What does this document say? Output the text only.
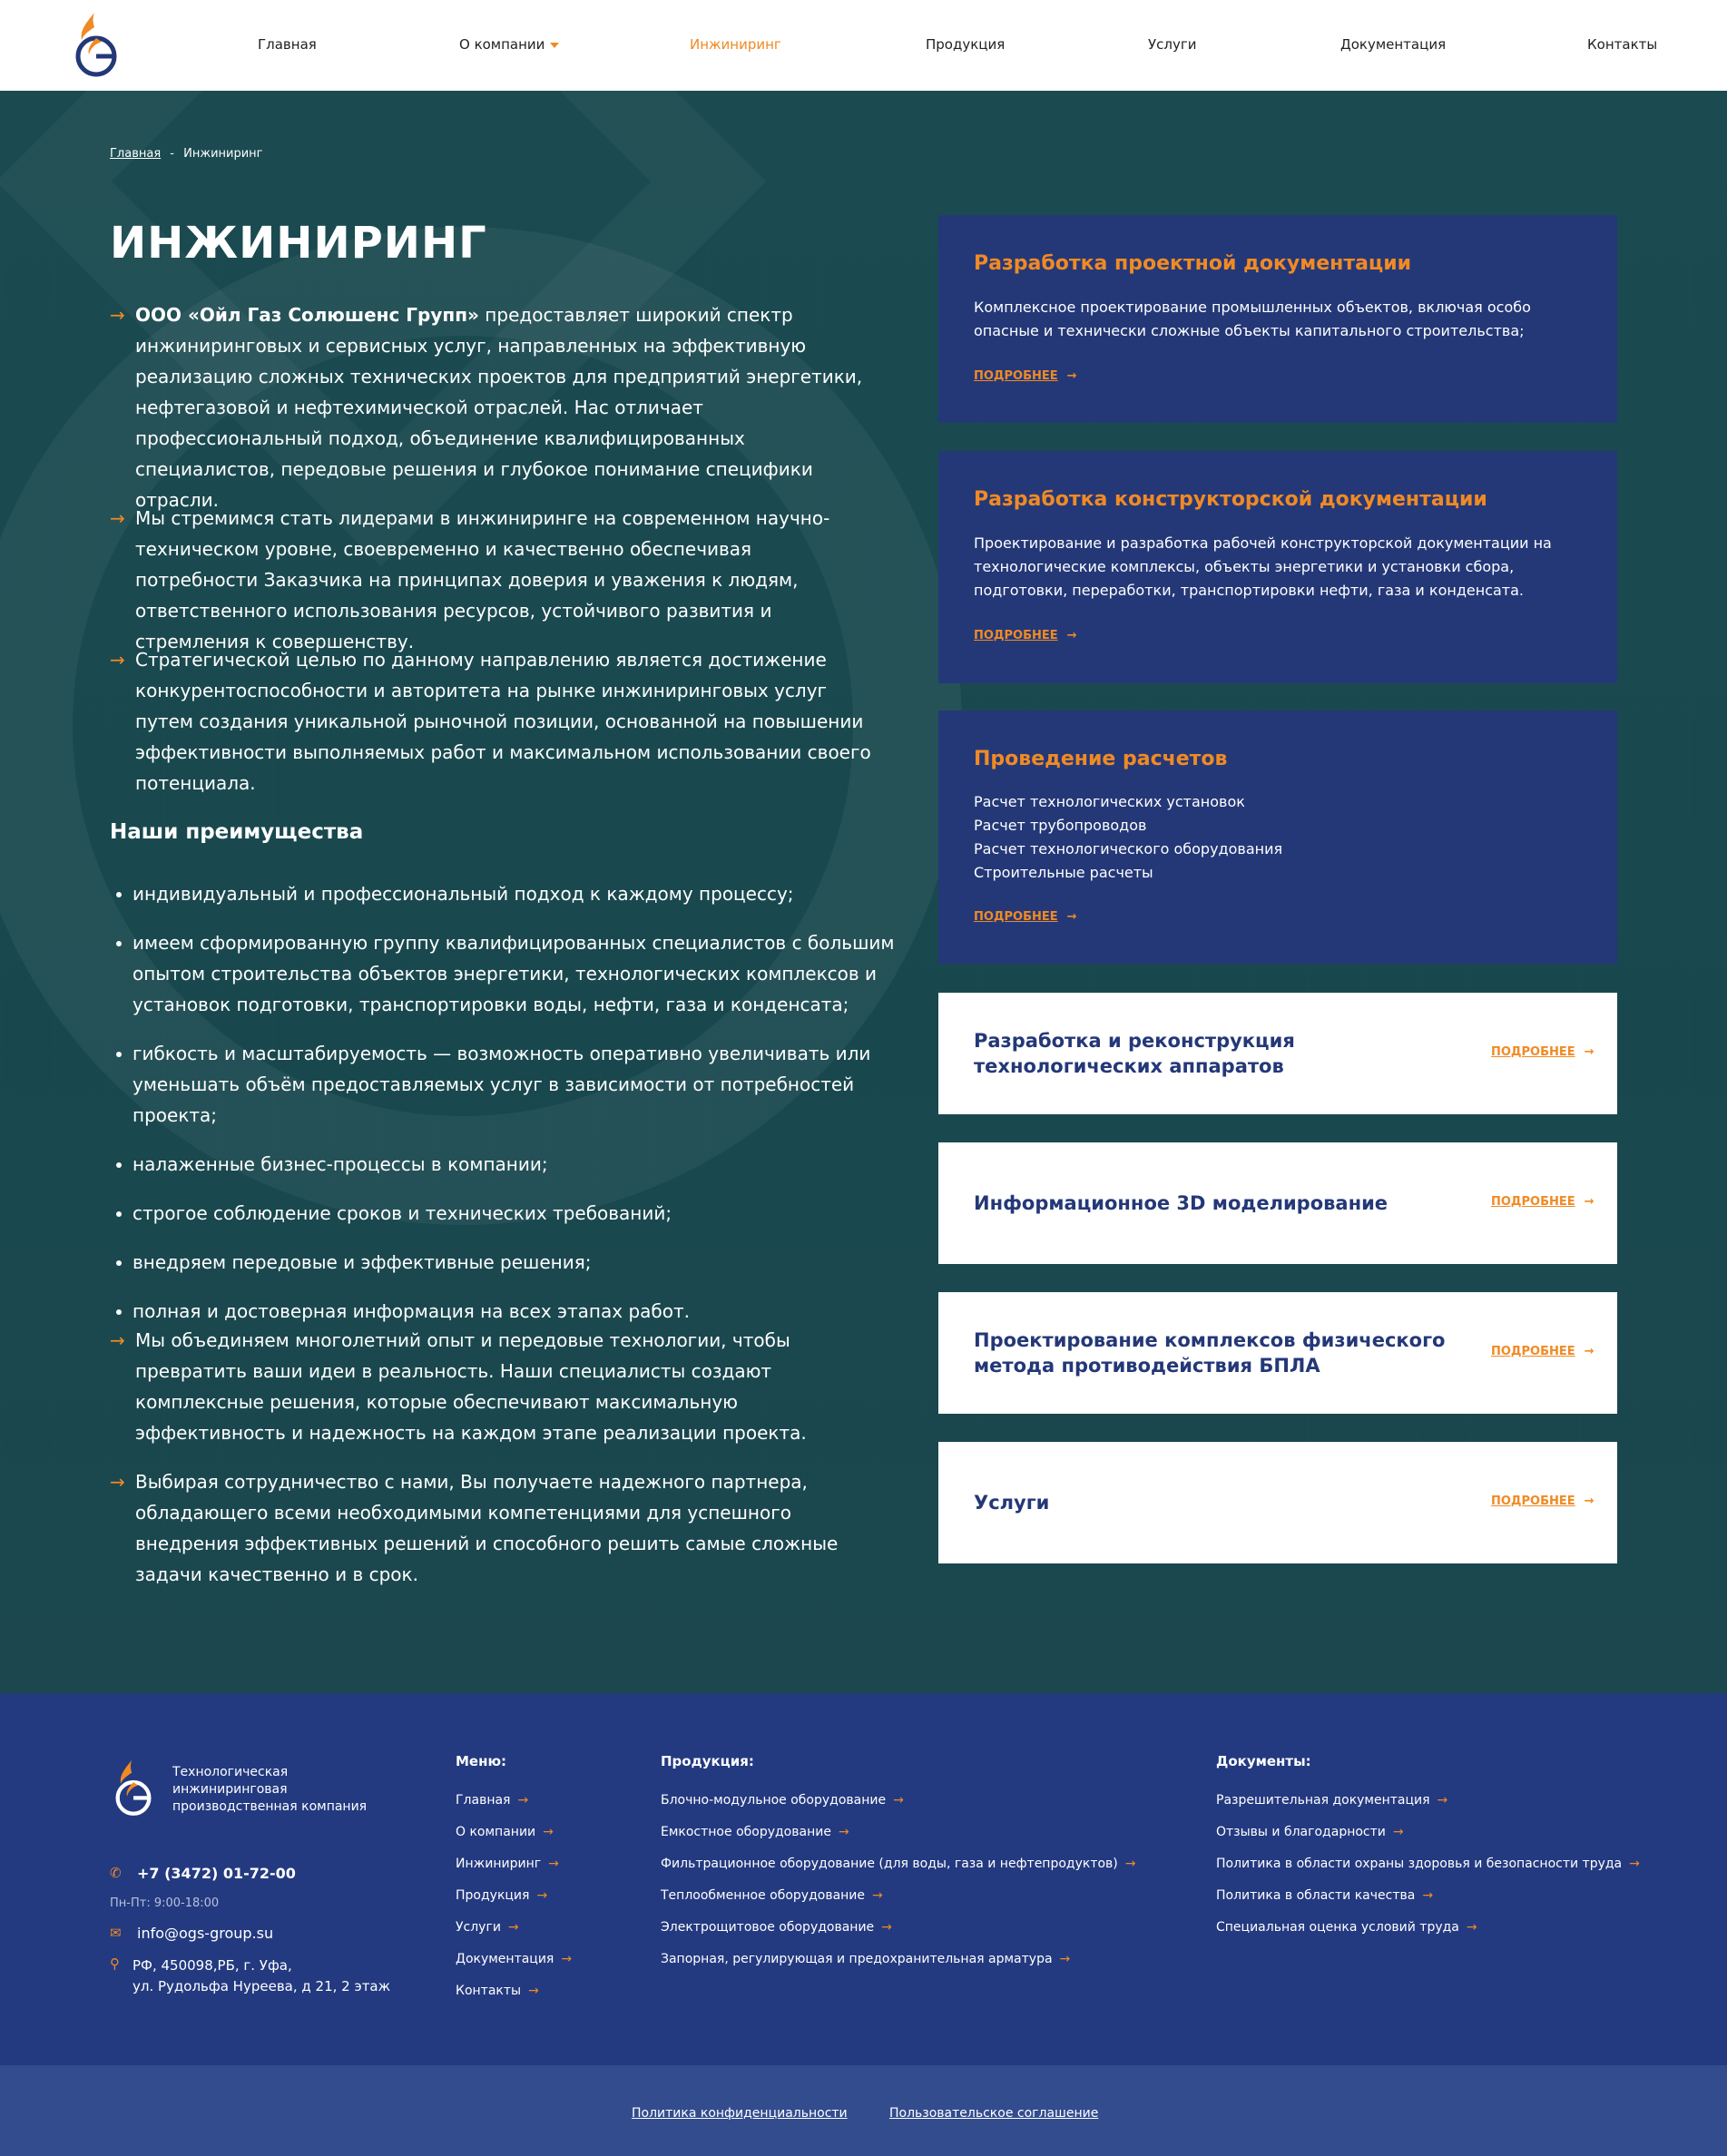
Главная	О компании	Инжиниринг	Продукция	Услуги	Документация	Контакты
Главная - Инжиниринг
ИНЖИНИРИНГ
→ ООО «Ойл Газ Солюшенс Групп» предоставляет широкий спектр инжиниринговых и сервисных услуг, направленных на эффективную реализацию сложных технических проектов для предприятий энергетики, нефтегазовой и нефтехимической отраслей. Нас отличает профессиональный подход, объединение квалифицированных специалистов, передовые решения и глубокое понимание специфики отрасли.
→ Мы стремимся стать лидерами в инжиниринге на современном научно-техническом уровне, своевременно и качественно обеспечивая потребности Заказчика на принципах доверия и уважения к людям, ответственного использования ресурсов, устойчивого развития и стремления к совершенству.
→ Стратегической целью по данному направлению является достижение конкурентоспособности и авторитета на рынке инжиниринговых услуг путем создания уникальной рыночной позиции, основанной на повышении эффективности выполняемых работ и максимальном использовании своего потенциала.
Наши преимущества
индивидуальный и профессиональный подход к каждому процессу;
имеем сформированную группу квалифицированных специалистов с большим опытом строительства объектов энергетики, технологических комплексов и установок подготовки, транспортировки воды, нефти, газа и конденсата;
гибкость и масштабируемость — возможность оперативно увеличивать или уменьшать объём предоставляемых услуг в зависимости от потребностей проекта;
налаженные бизнес-процессы в компании;
строгое соблюдение сроков и технических требований;
внедряем передовые и эффективные решения;
полная и достоверная информация на всех этапах работ.
→ Мы объединяем многолетний опыт и передовые технологии, чтобы превратить ваши идеи в реальность. Наши специалисты создают комплексные решения, которые обеспечивают максимальную эффективность и надежность на каждом этапе реализации проекта.
→ Выбирая сотрудничество с нами, Вы получаете надежного партнера, обладающего всеми необходимыми компетенциями для успешного внедрения эффективных решений и способного решить самые сложные задачи качественно и в срок.
Разработка проектной документации
Комплексное проектирование промышленных объектов, включая особо опасные и технически сложные объекты капитального строительства;
ПОДРОБНЕЕ →
Разработка конструкторской документации
Проектирование и разработка рабочей конструкторской документации на технологические комплексы, объекты энергетики и установки сбора, подготовки, переработки, транспортировки нефти, газа и конденсата.
ПОДРОБНЕЕ →
Проведение расчетов
Расчет технологических установок
Расчет трубопроводов
Расчет технологического оборудования
Строительные расчеты
ПОДРОБНЕЕ →
Разработка и реконструкция технологических аппаратов
ПОДРОБНЕЕ →
Информационное 3D моделирование	ПОДРОБНЕЕ →
Проектирование комплексов физического метода противодействия БПЛА
ПОДРОБНЕЕ →
Услуги	ПОДРОБНЕЕ →
Технологическая
инжиниринговая
производственная компания
✆ +7 (3472) 01-72-00
Пн-Пт: 9:00-18:00
✉ info@ogs-group.su
⚲ РФ, 450098,РБ, г. Уфа,
ул. Рудольфа Нуреева, д 21, 2 этаж
Меню:
Главная →
О компании →
Инжиниринг →
Продукция →
Услуги →
Документация →
Контакты →
Продукция:
Блочно-модульное оборудование →
Емкостное оборудование →
Фильтрационное оборудование (для воды, газа и нефтепродуктов) →
Теплообменное оборудование →
Электрощитовое оборудование →
Запорная, регулирующая и предохранительная арматура →
Документы:
Разрешительная документация →
Отзывы и благодарности →
Политика в области охраны здоровья и безопасности труда →
Политика в области качества →
Специальная оценка условий труда →
Политика конфиденциальности	Пользовательское соглашение
